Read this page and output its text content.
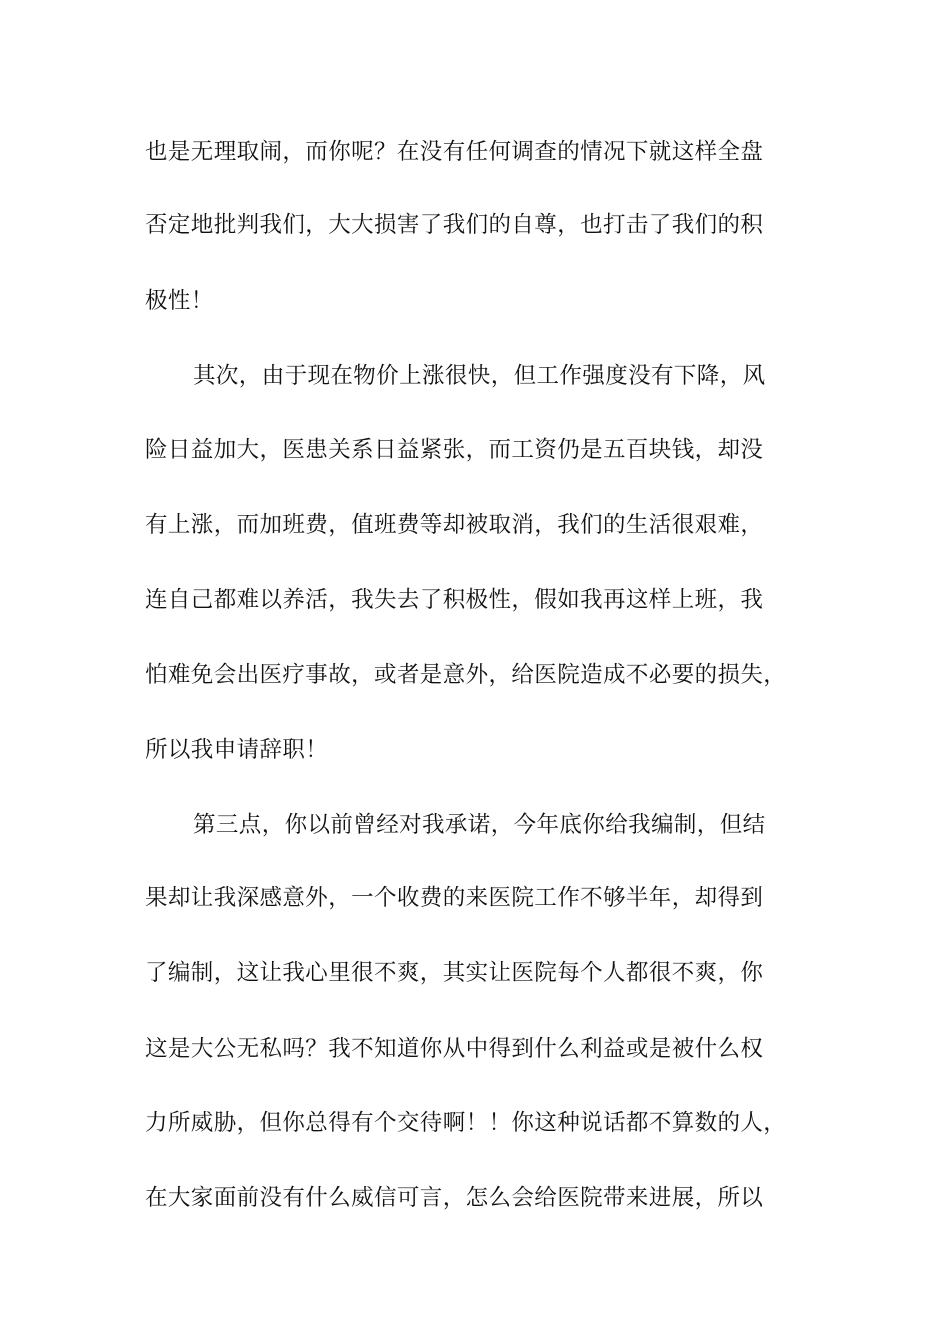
也是无理取闹，而你呢？在没有任何调查的情况下就这样全盘
否定地批判我们，大大损害了我们的自尊，也打击了我们的积
极性！
其次，由于现在物价上涨很快，但工作强度没有下降，风
险日益加大，医患关系日益紧张，而工资仍是五百块钱，却没
有上涨，而加班费，值班费等却被取消，我们的生活很艰难，
连自己都难以养活，我失去了积极性，假如我再这样上班，我
怕难免会出医疗事故，或者是意外，给医院造成不必要的损失，
所以我申请辞职！
第三点，你以前曾经对我承诺，今年底你给我编制，但结
果却让我深感意外，一个收费的来医院工作不够半年，却得到
了编制，这让我心里很不爽，其实让医院每个人都很不爽，你
这是大公无私吗？我不知道你从中得到什么利益或是被什么权
力所威胁，但你总得有个交待啊！！你这种说话都不算数的人，
在大家面前没有什么威信可言，怎么会给医院带来进展，所以
